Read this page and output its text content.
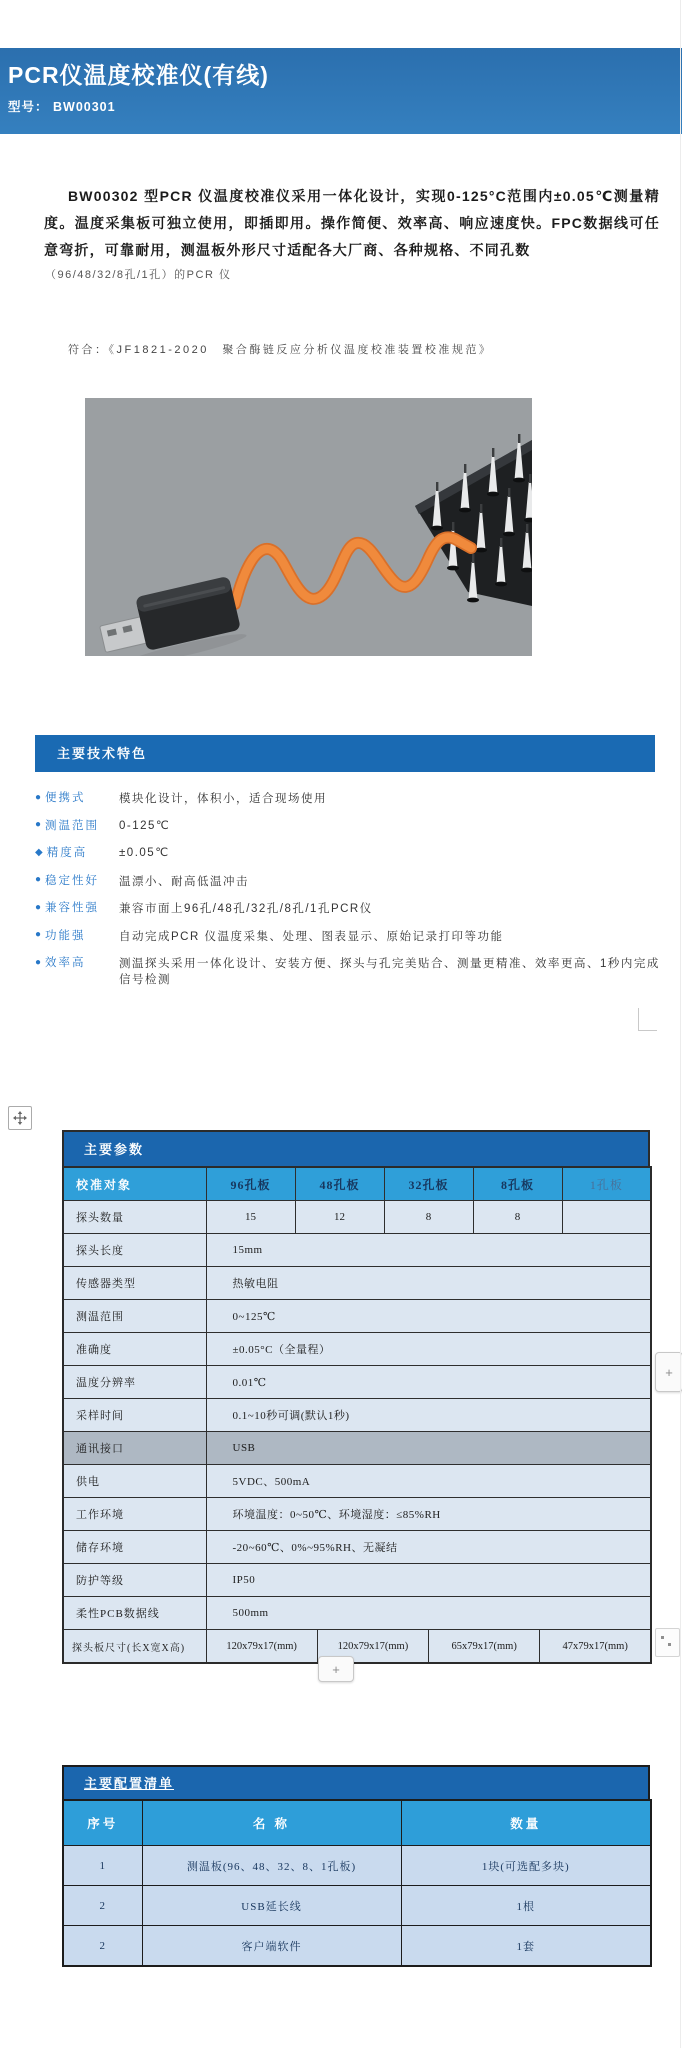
PCR仪温度校准仪(有线)
型号： BW00301
BW00302 型PCR 仪温度校准仪采用一体化设计，实现0-125°C范围内±0.05℃测量精度。温度采集板可独立使用，即插即用。操作简便、效率高、响应速度快。FPC数据线可任意弯折，可靠耐用，测温板外形尺寸适配各大厂商、各种规格、不同孔数
（96/48/32/8孔/1孔）的PCR 仪
符合：《JF1821-2020　聚合酶链反应分析仪温度校准装置校准规范》
主要技术特色
● 便携式	模块化设计，体积小，适合现场使用
● 测温范围 0-125℃
◆ 精度高	±0.05℃
● 稳定性好 温漂小、耐高低温冲击
● 兼容性强 兼容市面上96孔/48孔/32孔/8孔/1孔PCR仪
● 功能强	自动完成PCR 仪温度采集、处理、图表显示、原始记录打印等功能
● 效率高	测温探头采用一体化设计、安装方便、探头与孔完美贴合、测量更精准、效率更高、1秒内完成信号检测
主要参数
校准对象	96孔板	48孔板		32孔板		8孔板		1孔板
探头数量	15	12		8		8		
探头长度	15mm							
传感器类型	热敏电阻							
测温范围	0~125℃							
准确度	±0.05°C（全量程）							
温度分辨率	0.01℃							
采样时间	0.1~10秒可调(默认1秒)							
通讯接口	USB							
供电	5VDC、500mA							
工作环境	环境温度：0~50℃、环境湿度：≤85%RH							
储存环境	-20~60℃、0%~95%RH、无凝结							
防护等级	IP50							
柔性PCB数据线	500mm							
探头板尺寸(长X宽X高)	120x79x17(mm)		120x79x17(mm)		65x79x17(mm)		47x79x17(mm)	
+
+
主要配置清单
序号	名 称	数量
1	测温板(96、48、32、8、1孔板)	1块(可选配多块)
2	USB延长线	1根
2	客户端软件	1套
